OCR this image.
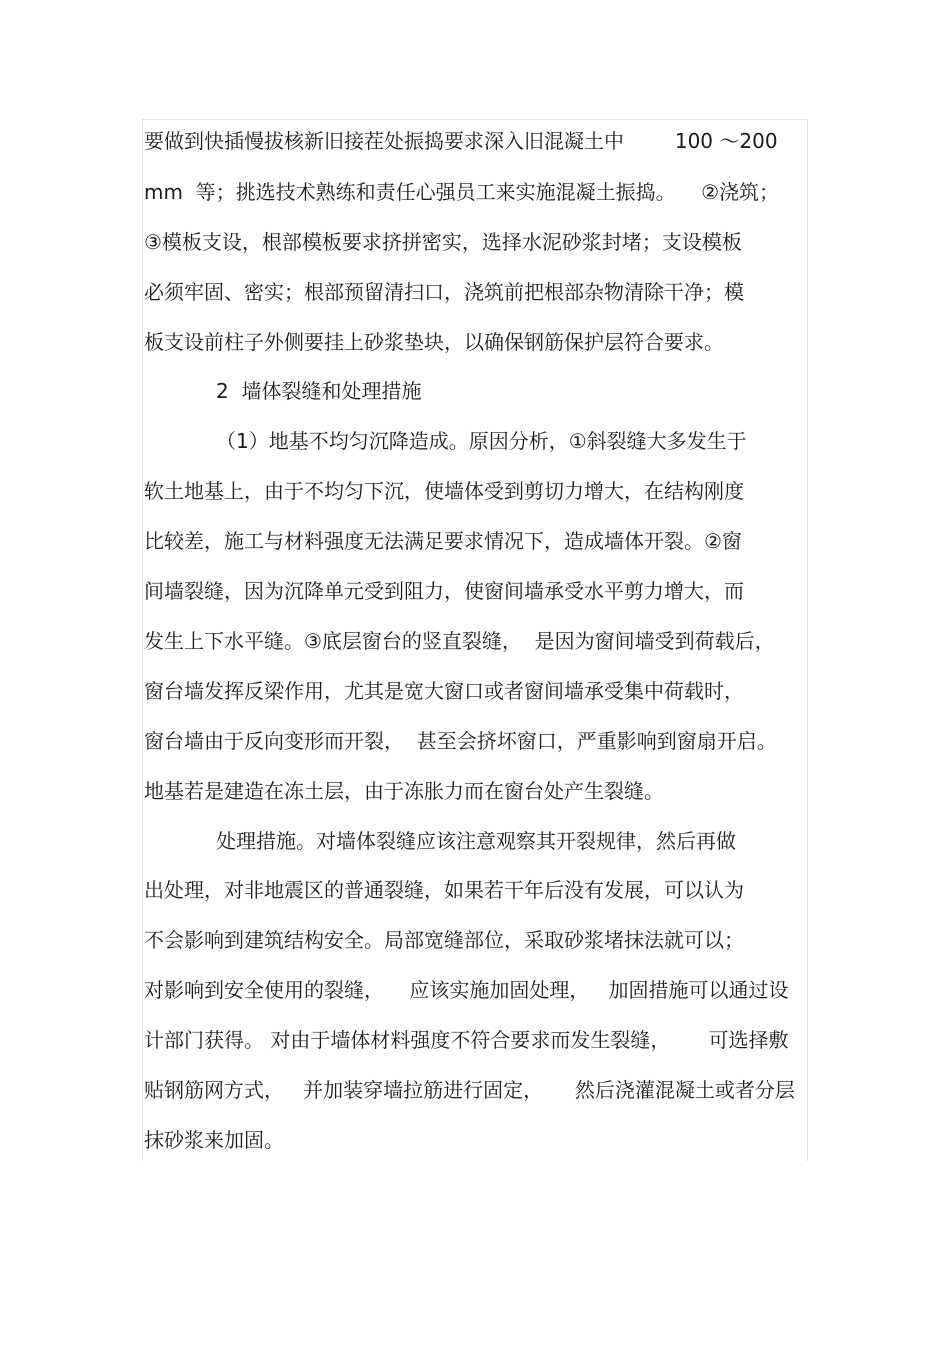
要做到快插慢拔核新旧接茬处振捣要求深入旧混凝土中        100 ～200
mm  等；挑选技术熟练和责任心强员工来实施混凝土振捣。    ②浇筑；
③模板支设，根部模板要求挤拼密实，选择水泥砂浆封堵；支设模板
必须牢固、密实；根部预留清扫口，浇筑前把根部杂物清除干净；模
板支设前柱子外侧要挂上砂浆垫块，以确保钢筋保护层符合要求。
2  墙体裂缝和处理措施
（1）地基不均匀沉降造成。原因分析，①斜裂缝大多发生于
软土地基上，由于不均匀下沉，使墙体受到剪切力增大，在结构刚度
比较差，施工与材料强度无法满足要求情况下，造成墙体开裂。②窗
间墙裂缝，因为沉降单元受到阻力，使窗间墙承受水平剪力增大，而
发生上下水平缝。③底层窗台的竖直裂缝，  是因为窗间墙受到荷载后，
窗台墙发挥反梁作用，尤其是宽大窗口或者窗间墙承受集中荷载时，
窗台墙由于反向变形而开裂，  甚至会挤坏窗口，严重影响到窗扇开启。
地基若是建造在冻土层，由于冻胀力而在窗台处产生裂缝。
处理措施。对墙体裂缝应该注意观察其开裂规律，然后再做
出处理，对非地震区的普通裂缝，如果若干年后没有发展，可以认为
不会影响到建筑结构安全。局部宽缝部位，采取砂浆堵抹法就可以；
对影响到安全使用的裂缝，    应该实施加固处理，   加固措施可以通过设
计部门获得。 对由于墙体材料强度不符合要求而发生裂缝，      可选择敷
贴钢筋网方式，   并加装穿墙拉筋进行固定，     然后浇灌混凝土或者分层
抹砂浆来加固。
